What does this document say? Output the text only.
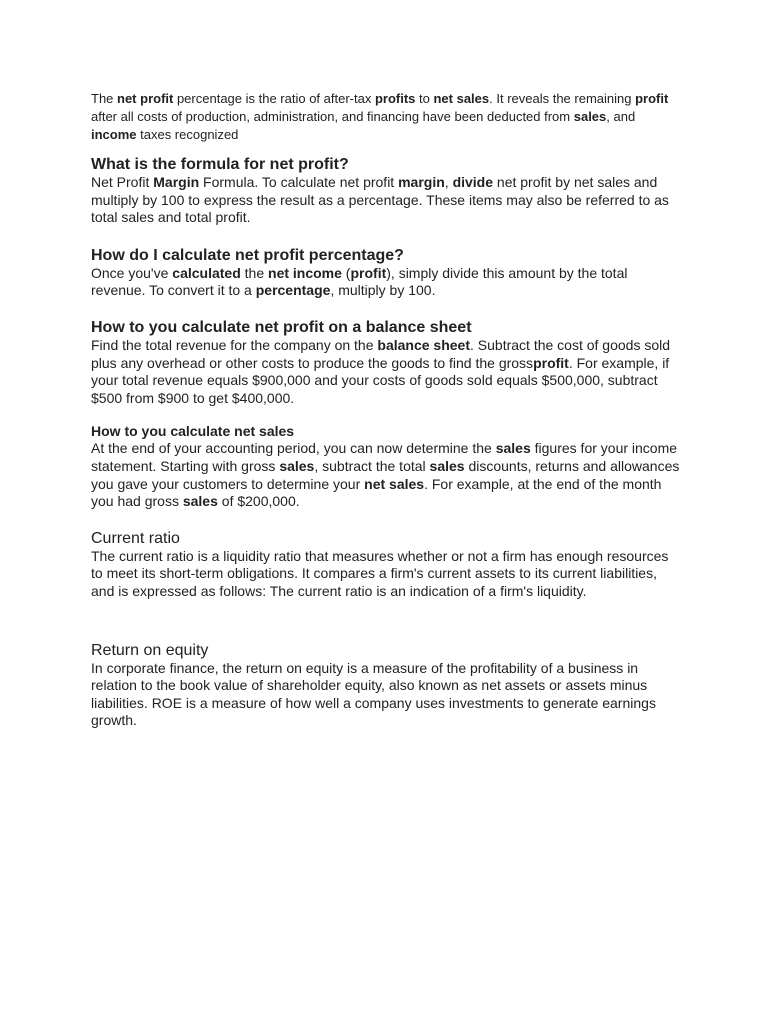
The net profit percentage is the ratio of after-tax profits to net sales. It reveals the remaining profit after all costs of production, administration, and financing have been deducted from sales, and income taxes recognized

What is the formula for net profit?

Net Profit Margin Formula. To calculate net profit margin, divide net profit by net sales and multiply by 100 to express the result as a percentage. These items may also be referred to as total sales and total profit.

How do I calculate net profit percentage?

Once you've calculated the net income (profit), simply divide this amount by the total revenue. To convert it to a percentage, multiply by 100.

How to you calculate net profit on a balance sheet

Find the total revenue for the company on the balance sheet. Subtract the cost of goods sold plus any overhead or other costs to produce the goods to find the grossprofit. For example, if your total revenue equals $900,000 and your costs of goods sold equals $500,000, subtract $500 from $900 to get $400,000.

How to you calculate net sales

At the end of your accounting period, you can now determine the sales figures for your income statement. Starting with gross sales, subtract the total sales discounts, returns and allowances you gave your customers to determine your net sales. For example, at the end of the month you had gross sales of $200,000.

Current ratio

The current ratio is a liquidity ratio that measures whether or not a firm has enough resources to meet its short-term obligations. It compares a firm's current assets to its current liabilities, and is expressed as follows: The current ratio is an indication of a firm's liquidity.

Return on equity

In corporate finance, the return on equity is a measure of the profitability of a business in relation to the book value of shareholder equity, also known as net assets or assets minus liabilities. ROE is a measure of how well a company uses investments to generate earnings growth.
